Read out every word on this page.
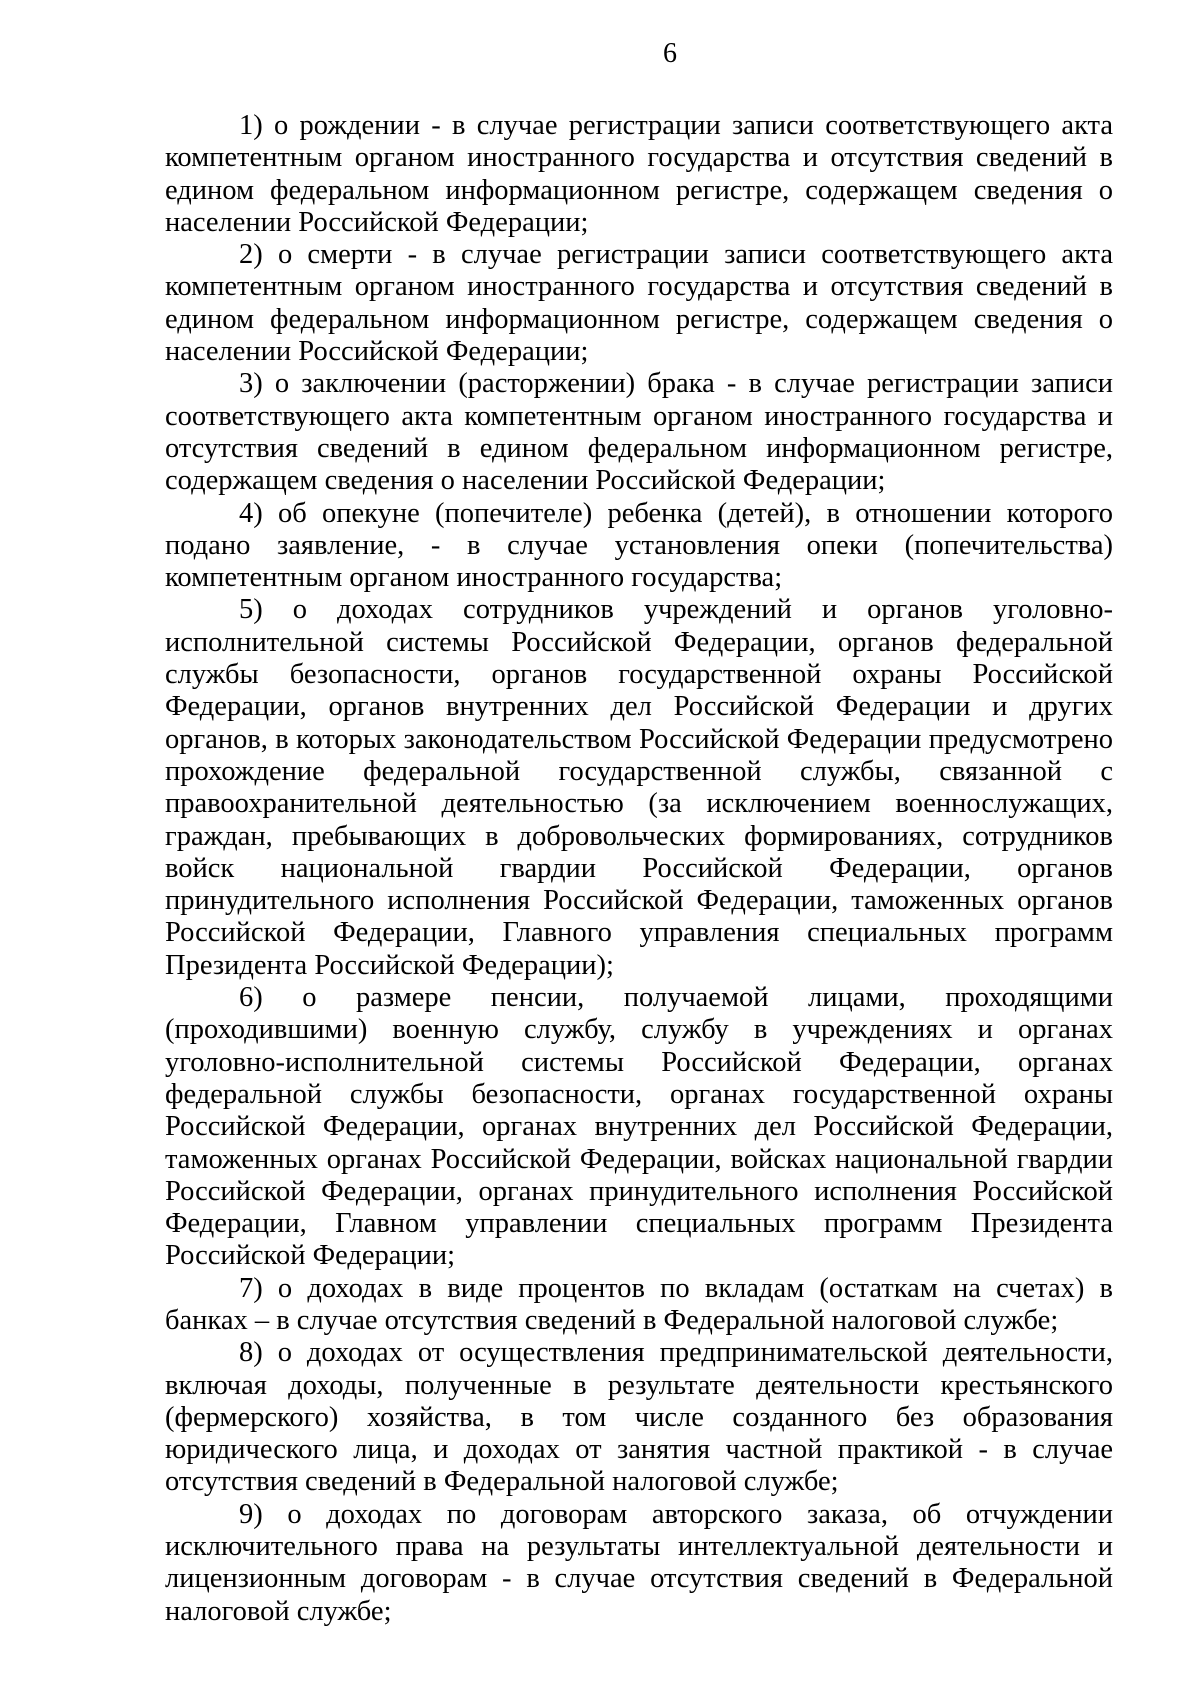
6

1) о рождении - в случае регистрации записи соответствующего акта компетентным органом иностранного государства и отсутствия сведений в едином федеральном информационном регистре, содержащем сведения о населении Российской Федерации;

2) о смерти - в случае регистрации записи соответствующего акта компетентным органом иностранного государства и отсутствия сведений в едином федеральном информационном регистре, содержащем сведения о населении Российской Федерации;

3) о заключении (расторжении) брака - в случае регистрации записи соответствующего акта компетентным органом иностранного государства и отсутствия сведений в едином федеральном информационном регистре, содержащем сведения о населении Российской Федерации;

4) об опекуне (попечителе) ребенка (детей), в отношении которого подано заявление, - в случае установления опеки (попечительства) компетентным органом иностранного государства;

5) о доходах сотрудников учреждений и органов уголовно-исполнительной системы Российской Федерации, органов федеральной службы безопасности, органов государственной охраны Российской Федерации, органов внутренних дел Российской Федерации и других органов, в которых законодательством Российской Федерации предусмотрено прохождение федеральной государственной службы, связанной с правоохранительной деятельностью (за исключением военнослужащих, граждан, пребывающих в добровольческих формированиях, сотрудников войск национальной гвардии Российской Федерации, органов принудительного исполнения Российской Федерации, таможенных органов Российской Федерации, Главного управления специальных программ Президента Российской Федерации);

6) о размере пенсии, получаемой лицами, проходящими (проходившими) военную службу, службу в учреждениях и органах уголовно-исполнительной системы Российской Федерации, органах федеральной службы безопасности, органах государственной охраны Российской Федерации, органах внутренних дел Российской Федерации, таможенных органах Российской Федерации, войсках национальной гвардии Российской Федерации, органах принудительного исполнения Российской Федерации, Главном управлении специальных программ Президента Российской Федерации;

7) о доходах в виде процентов по вкладам (остаткам на счетах) в банках – в случае отсутствия сведений в Федеральной налоговой службе;

8) о доходах от осуществления предпринимательской деятельности, включая доходы, полученные в результате деятельности крестьянского (фермерского) хозяйства, в том числе созданного без образования юридического лица, и доходах от занятия частной практикой - в случае отсутствия сведений в Федеральной налоговой службе;

9) о доходах по договорам авторского заказа, об отчуждении исключительного права на результаты интеллектуальной деятельности и лицензионным договорам - в случае отсутствия сведений в Федеральной налоговой службе;
